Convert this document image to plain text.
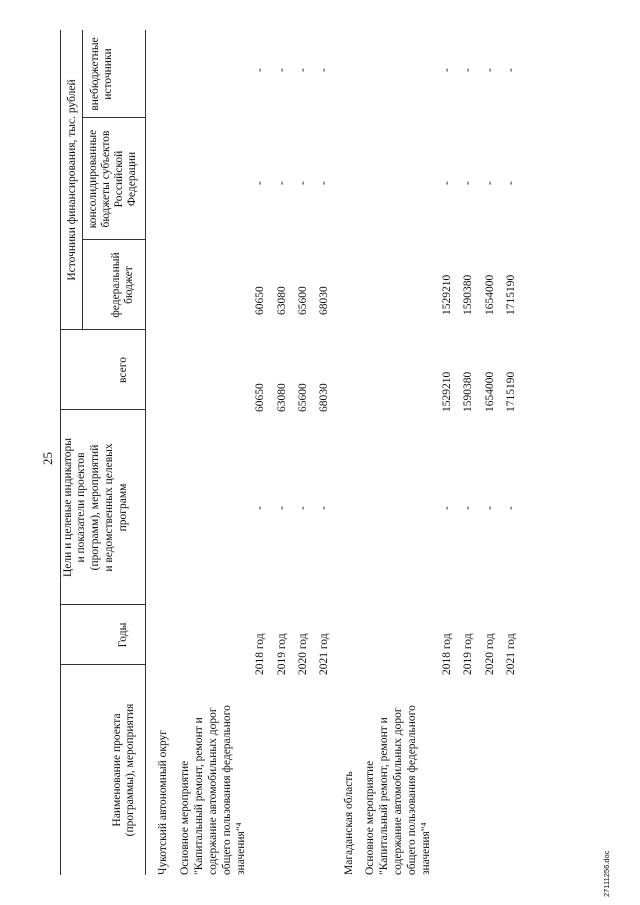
25
Наименование проекта (программы), мероприятия
Годы
Цели и целевые индикаторы и показатели проектов (программ), мероприятий и ведомственных целевых программ
всего
Источники финансирования, тыс. рублей
федеральный бюджет
консолидированные бюджеты субъектов Российской Федерации
внебюджетные источники
Чукотский автономный округ Основное мероприятие "Капитальный ремонт, ремонт и содержание автомобильных дорог общего пользования федерального значения"⁴
2018 год
-
60650
60650
-
-
2019 год
-
63080
63080
-
-
2020 год
-
65600
65600
-
-
2021 год
-
68030
68030
-
-
Магаданская область Основное мероприятие "Капитальный ремонт, ремонт и содержание автомобильных дорог общего пользования федерального значения"⁴
2018 год
-
1529210
1529210
-
-
2019 год
-
1590380
1590380
-
-
2020 год
-
1654000
1654000
-
-
2021 год
-
1715190
1715190
-
-
27111256.doc
